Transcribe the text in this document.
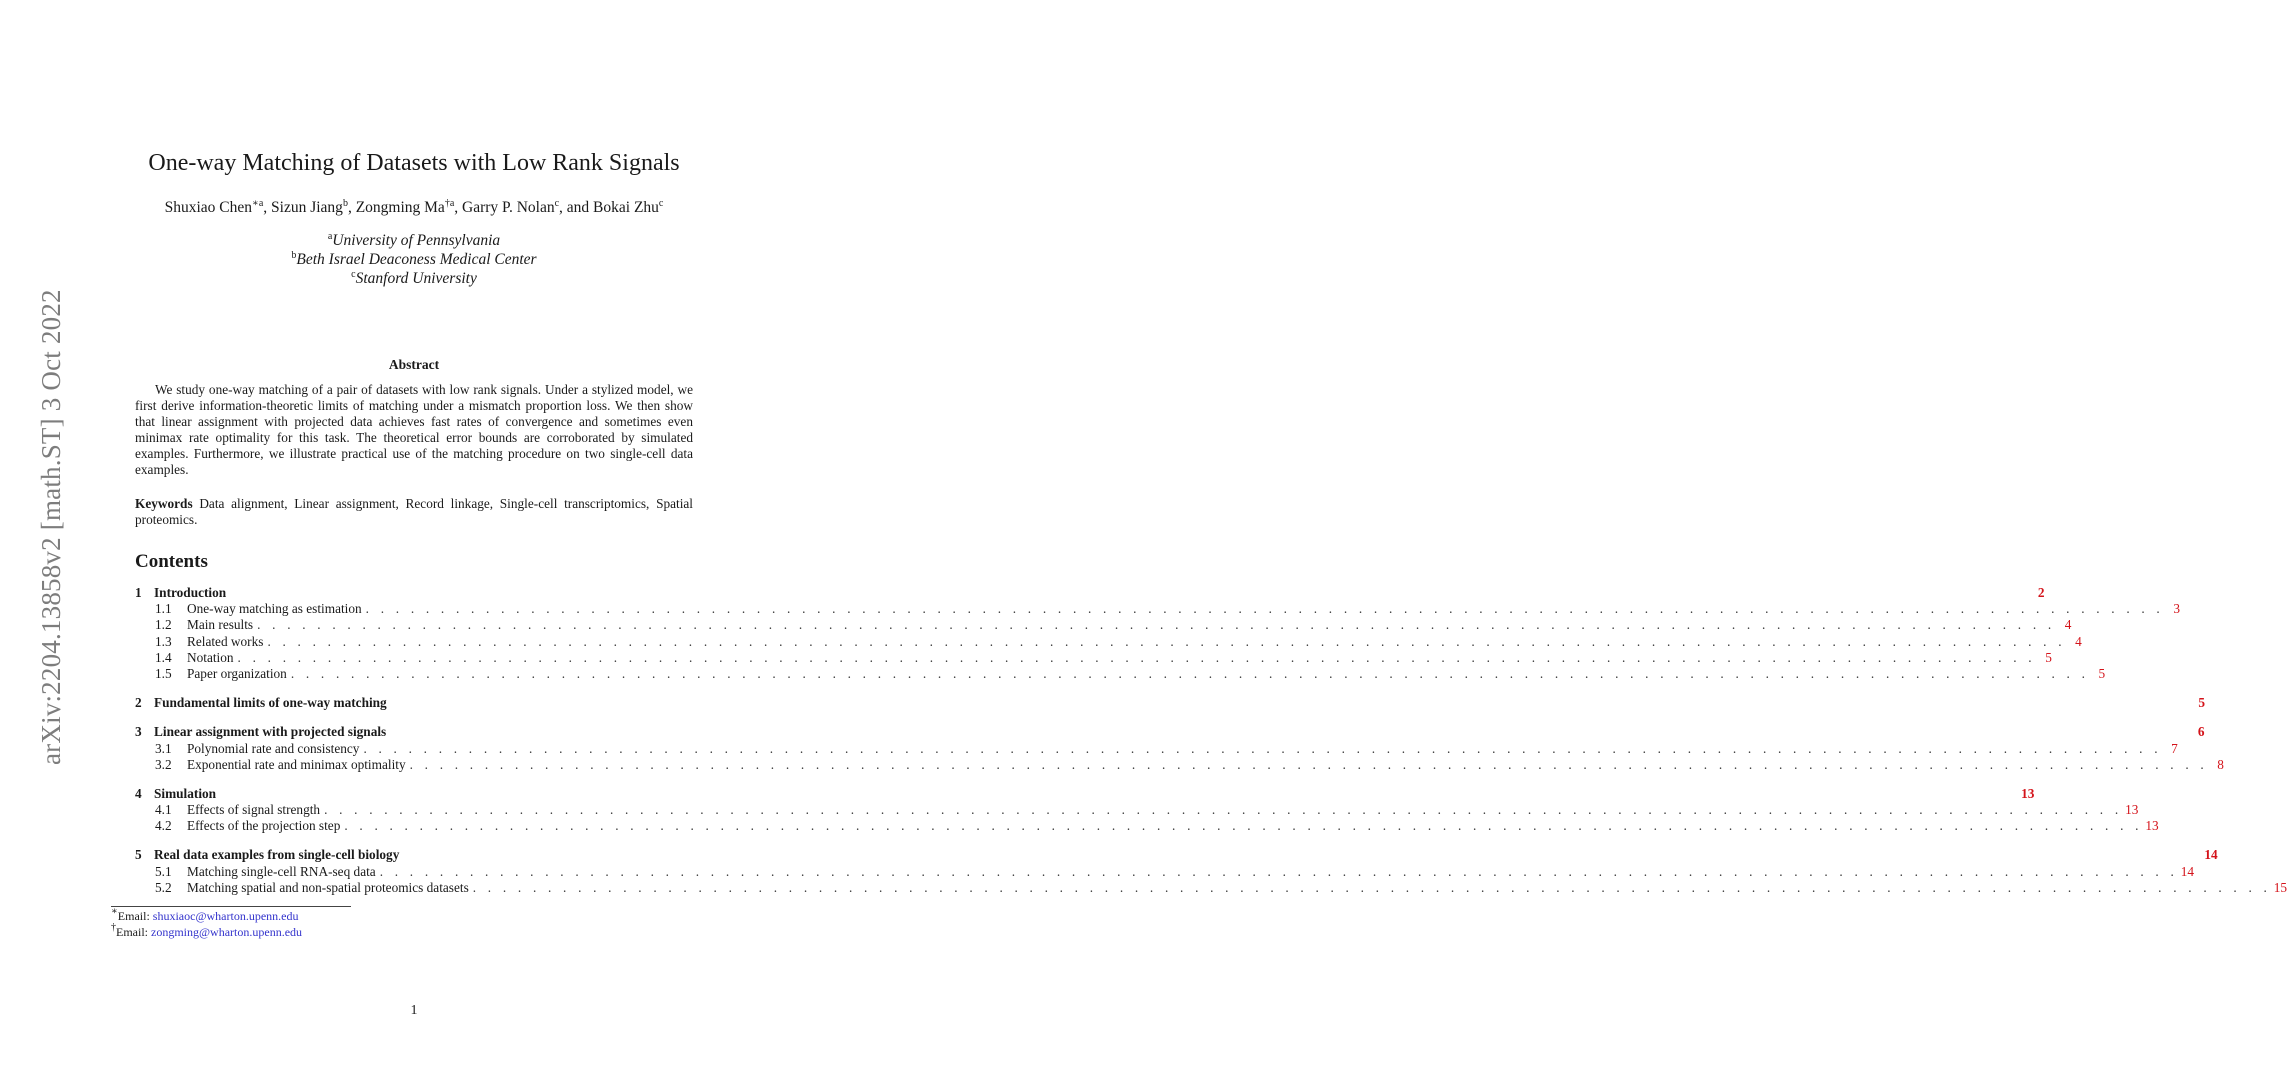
arXiv:2204.13858v2 [math.ST] 3 Oct 2022
One-way Matching of Datasets with Low Rank Signals
Shuxiao Chen$^{∗a}$, Sizun Jiang$^b$, Zongming Ma$^{\dagger a}$, Garry P. Nolan$^c$, and Bokai Zhu$^c$
$^a$University of Pennsylvania
$^b$Beth Israel Deaconess Medical Center
$^c$Stanford University
Abstract
We study one-way matching of a pair of datasets with low rank signals. Under a stylized model, we first derive information-theoretic limits of matching under a mismatch proportion loss. We then show that linear assignment with projected data achieves fast rates of convergence and sometimes even minimax rate optimality for this task. The theoretical error bounds are corroborated by simulated examples. Furthermore, we illustrate practical use of the matching procedure on two single-cell data examples.
Keywords Data alignment, Linear assignment, Record linkage, Single-cell transcriptomics, Spatial proteomics.
Contents
1 Introduction	2
1.1	One-way matching as estimation . . . . . . . . . . . . . . . . . . . . . . . . . . . . . . . . . . . . . . . . . . . . . . . . . . . . . . . . . . . . . . . . . . . . . . . . . . . . . . . . . . . . . . . . . . . . . . . . . . . . . . . . . . . . . . . . . . . . . . . . 3
1.2	Main results . . . . . . . . . . . . . . . . . . . . . . . . . . . . . . . . . . . . . . . . . . . . . . . . . . . . . . . . . . . . . . . . . . . . . . . . . . . . . . . . . . . . . . . . . . . . . . . . . . . . . . . . . . . . . . . . . . . . . . . . 4
1.3	Related works . . . . . . . . . . . . . . . . . . . . . . . . . . . . . . . . . . . . . . . . . . . . . . . . . . . . . . . . . . . . . . . . . . . . . . . . . . . . . . . . . . . . . . . . . . . . . . . . . . . . . . . . . . . . . . . . . . . . . . . . 4
1.4	Notation . . . . . . . . . . . . . . . . . . . . . . . . . . . . . . . . . . . . . . . . . . . . . . . . . . . . . . . . . . . . . . . . . . . . . . . . . . . . . . . . . . . . . . . . . . . . . . . . . . . . . . . . . . . . . . . . . . . . . . . . 5
1.5	Paper organization . . . . . . . . . . . . . . . . . . . . . . . . . . . . . . . . . . . . . . . . . . . . . . . . . . . . . . . . . . . . . . . . . . . . . . . . . . . . . . . . . . . . . . . . . . . . . . . . . . . . . . . . . . . . . . . . . . . . . . . . 5
2 Fundamental limits of one-way matching	5
3 Linear assignment with projected signals	6
3.1	Polynomial rate and consistency . . . . . . . . . . . . . . . . . . . . . . . . . . . . . . . . . . . . . . . . . . . . . . . . . . . . . . . . . . . . . . . . . . . . . . . . . . . . . . . . . . . . . . . . . . . . . . . . . . . . . . . . . . . . . . . . . . . . . . . . 7
3.2	Exponential rate and minimax optimality . . . . . . . . . . . . . . . . . . . . . . . . . . . . . . . . . . . . . . . . . . . . . . . . . . . . . . . . . . . . . . . . . . . . . . . . . . . . . . . . . . . . . . . . . . . . . . . . . . . . . . . . . . . . . . . . . . . . . . . . 8
4 Simulation	13
4.1	Effects of signal strength . . . . . . . . . . . . . . . . . . . . . . . . . . . . . . . . . . . . . . . . . . . . . . . . . . . . . . . . . . . . . . . . . . . . . . . . . . . . . . . . . . . . . . . . . . . . . . . . . . . . . . . . . . . . . . . . . . . . . . . . 13
4.2	Effects of the projection step . . . . . . . . . . . . . . . . . . . . . . . . . . . . . . . . . . . . . . . . . . . . . . . . . . . . . . . . . . . . . . . . . . . . . . . . . . . . . . . . . . . . . . . . . . . . . . . . . . . . . . . . . . . . . . . . . . . . . . . . 13
5 Real data examples from single-cell biology	14
5.1	Matching single-cell RNA-seq data . . . . . . . . . . . . . . . . . . . . . . . . . . . . . . . . . . . . . . . . . . . . . . . . . . . . . . . . . . . . . . . . . . . . . . . . . . . . . . . . . . . . . . . . . . . . . . . . . . . . . . . . . . . . . . . . . . . . . . . . 14
5.2	Matching spatial and non-spatial proteomics datasets . . . . . . . . . . . . . . . . . . . . . . . . . . . . . . . . . . . . . . . . . . . . . . . . . . . . . . . . . . . . . . . . . . . . . . . . . . . . . . . . . . . . . . . . . . . . . . . . . . . . . . . . . . . . . . . . . . . . . . . . 15
∗Email: shuxiaoc@wharton.upenn.edu
†Email: zongming@wharton.upenn.edu
1
